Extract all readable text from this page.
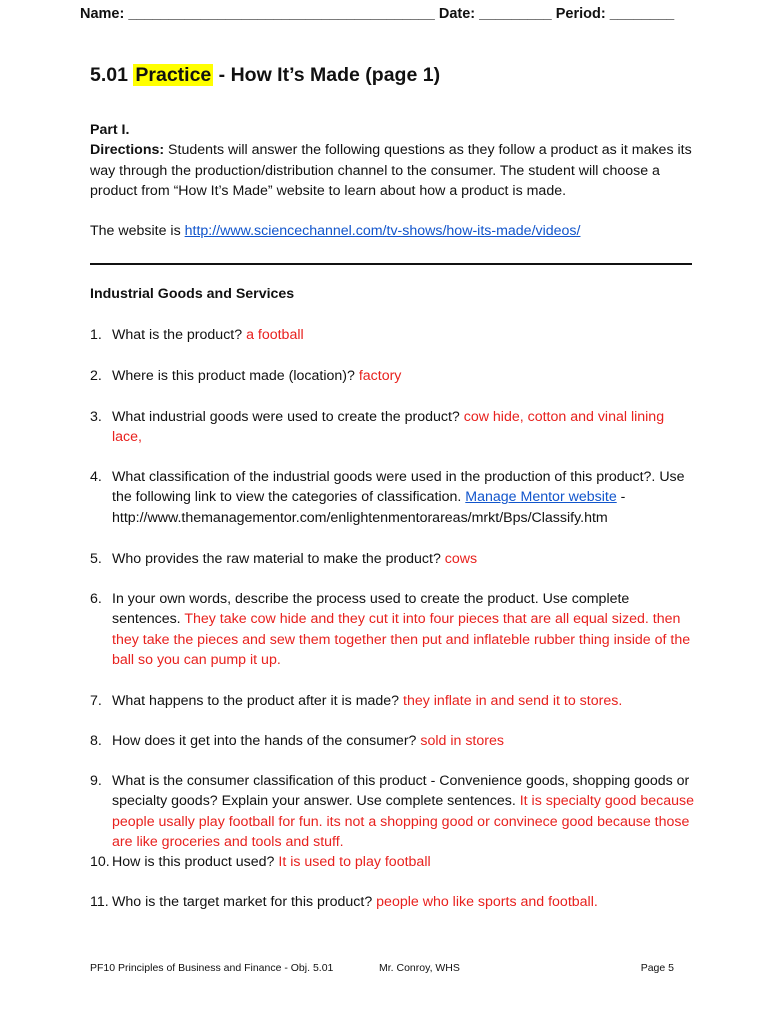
Name: ______________________________________ Date: _________ Period: ________
5.01 Practice - How It’s Made (page 1)
Part I.
Directions: Students will answer the following questions as they follow a product as it makes its way through the production/distribution channel to the consumer. The student will choose a product from “How It’s Made” website to learn about how a product is made.
The website is http://www.sciencechannel.com/tv-shows/how-its-made/videos/
Industrial Goods and Services
1. What is the product? a football
2. Where is this product made (location)? factory
3. What industrial goods were used to create the product? cow hide, cotton and vinal lining lace,
4. What classification of the industrial goods were used in the production of this product?. Use the following link to view the categories of classification. Manage Mentor website - http://www.themanagementor.com/enlightenmentorareas/mrkt/Bps/Classify.htm
5. Who provides the raw material to make the product? cows
6. In your own words, describe the process used to create the product. Use complete sentences. They take cow hide and they cut it into four pieces that are all equal sized. then they take the pieces and sew them together then put and inflateble rubber thing inside of the ball so you can pump it up.
7. What happens to the product after it is made? they inflate in and send it to stores.
8. How does it get into the hands of the consumer? sold in stores
9. What is the consumer classification of this product - Convenience goods, shopping goods or specialty goods? Explain your answer. Use complete sentences. It is specialty good because people usally play football for fun. its not a shopping good or convinece good because those are like groceries and tools and stuff.
10. How is this product used? It is used to play football
11. Who is the target market for this product? people who like sports and football.
PF10 Principles of Business and Finance - Obj. 5.01	Mr. Conroy, WHS	Page 5
